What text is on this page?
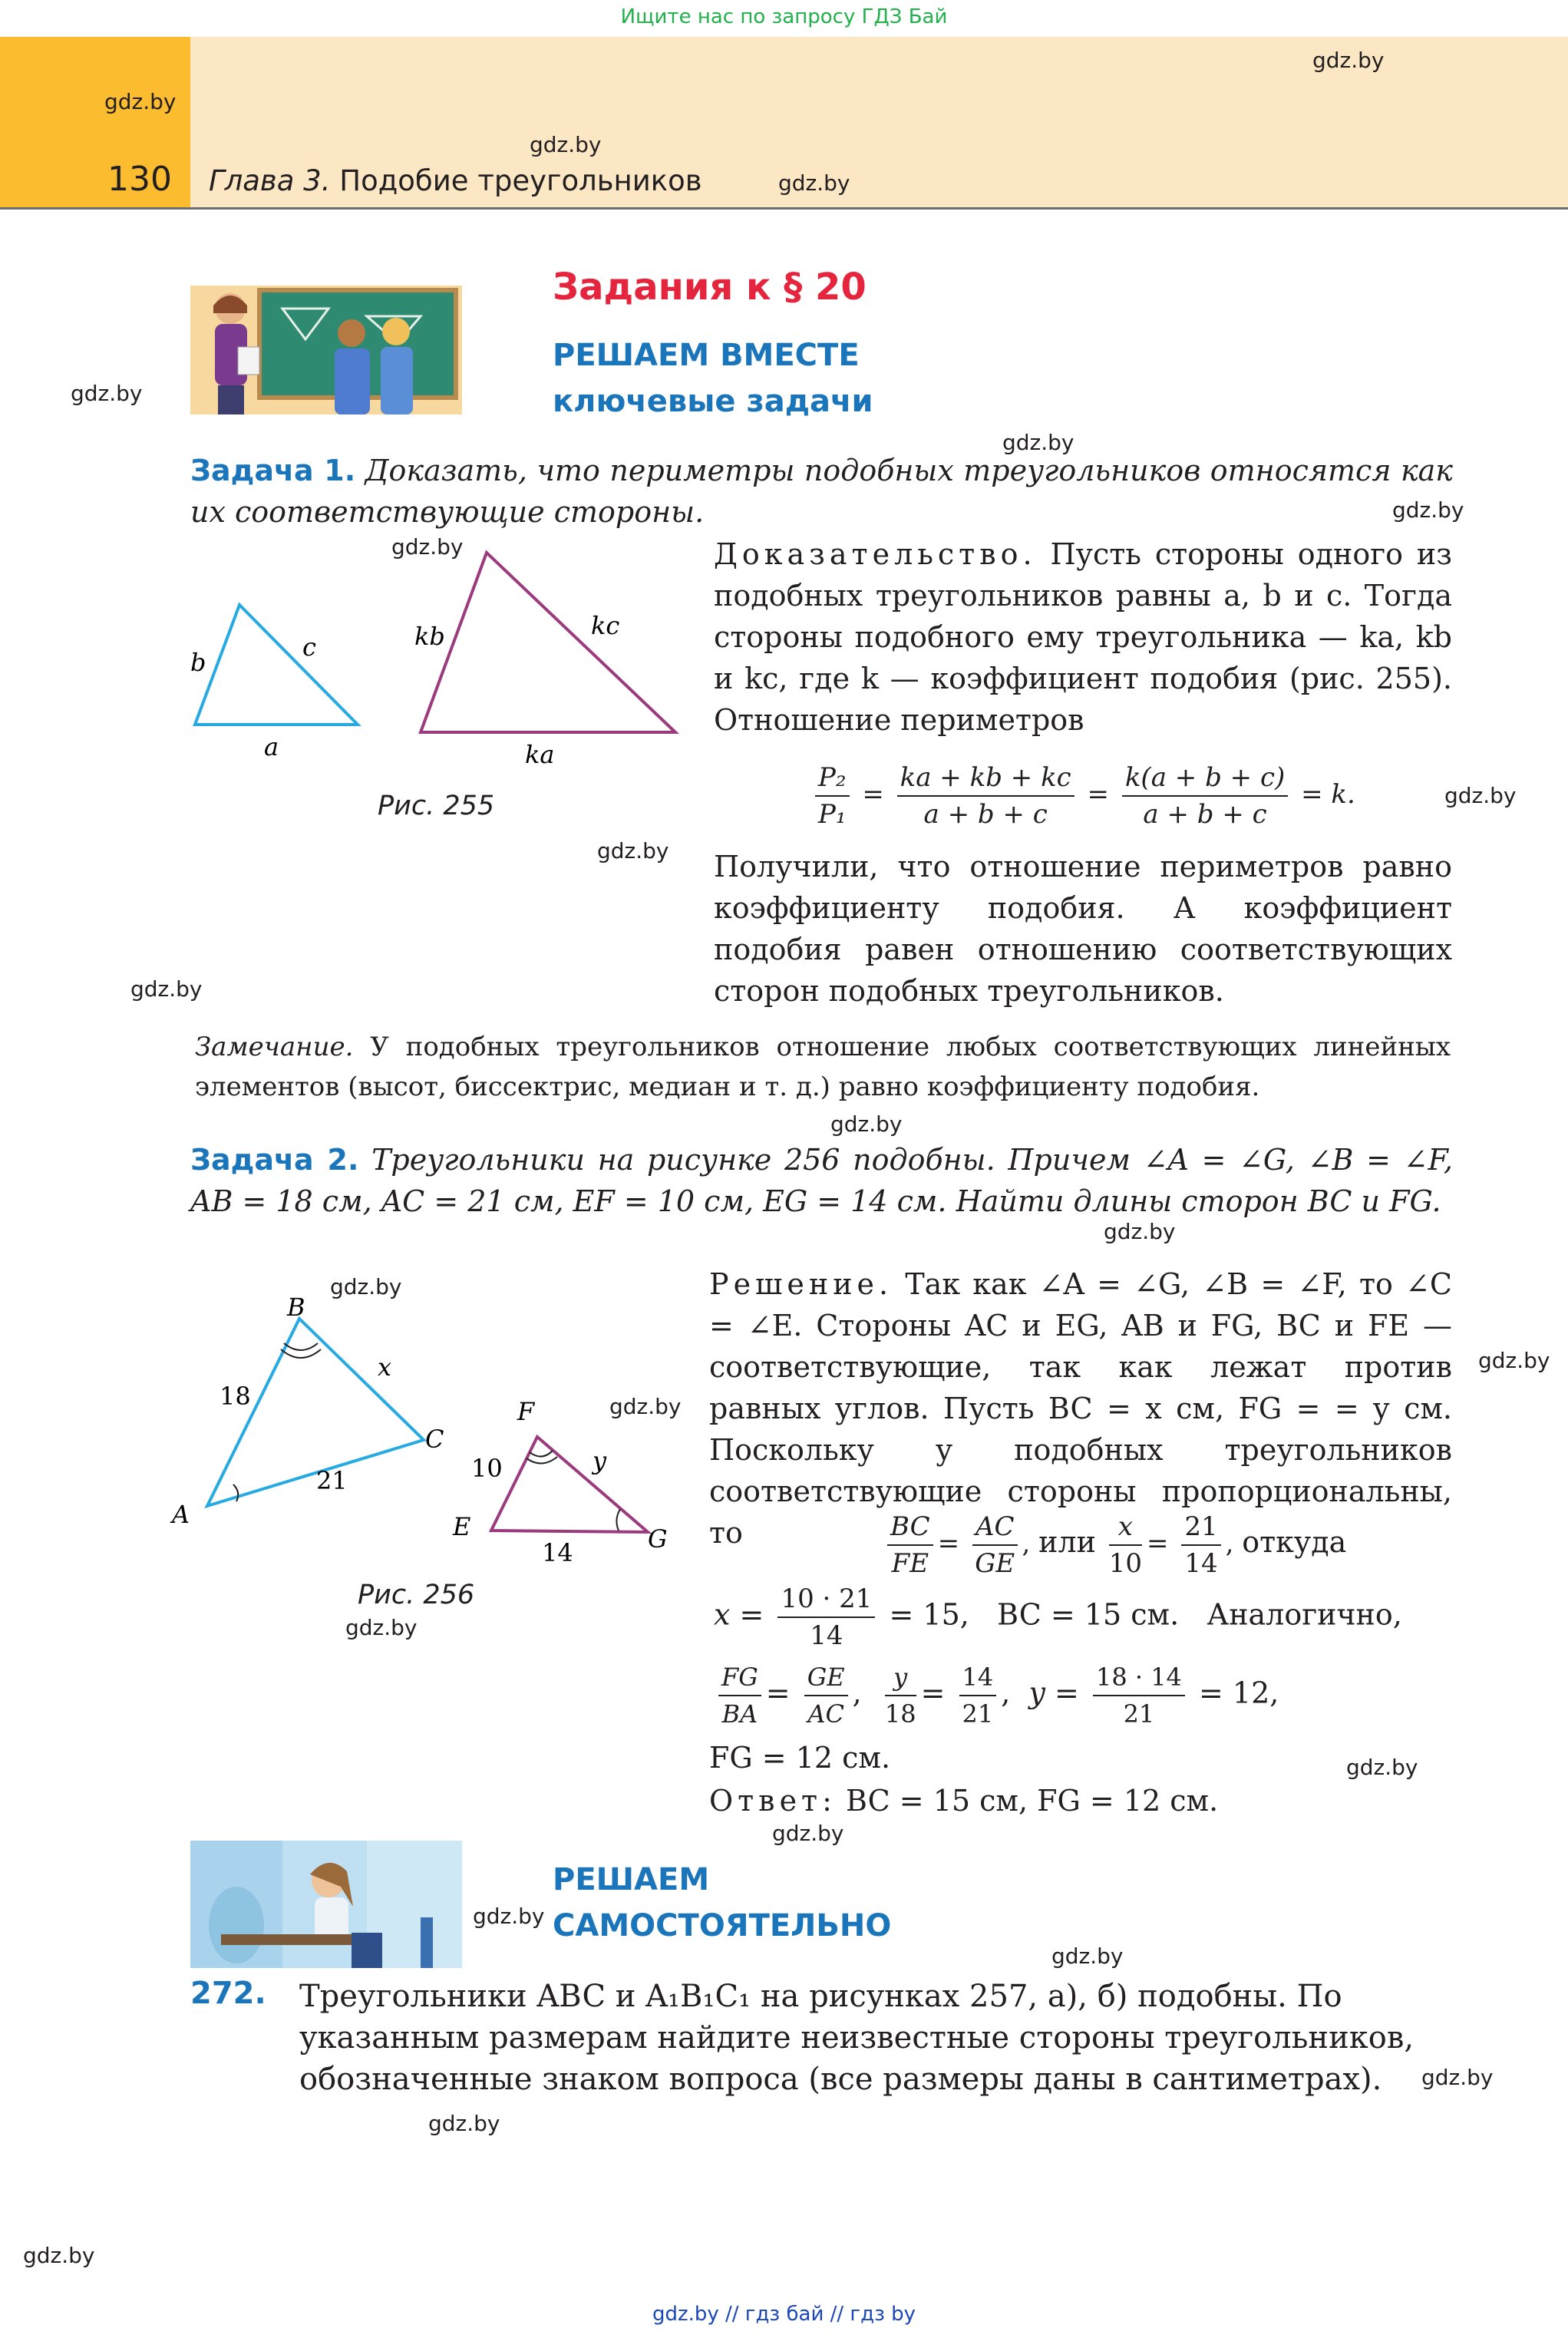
Ищите нас по запросу ГДЗ Бай
130 Глава 3. Подобие треугольников
Задания к § 20
РЕШАЕМ ВМЕСТЕ
ключевые задачи
Задача 1. Доказать, что периметры подобных треугольников относятся как их соответствующие стороны.
b
c
a
kb	kc
ka
Рис. 255
Доказательство. Пусть стороны одного из подобных треугольников равны a, b и c. Тогда стороны подобного ему треугольника — ka, kb и kc, где k — коэффициент подобия (рис. 255). Отношение периметров
$\frac{\text{P₂}}{\text{P₁}} = \frac{ka + kb + kc}{a + b + c} = \frac{k(a + b + c)}{a + b + c} = k$.
Получили, что отношение периметров равно коэффициенту подобия. А коэффициент подобия равен отношению соответствующих сторон подобных треугольников.
Замечание. У подобных треугольников отношение любых соответствующих линейных элементов (высот, биссектрис, медиан и т. д.) равно коэффициенту подобия.
Задача 2. Треугольники на рисунке 256 подобны. Причем ∠A = ∠G, ∠B = ∠F, AB = 18 см, AC = 21 см, EF = 10 см, EG = 14 см. Найти длины сторон BC и FG.
B
x
18
C
A
21
F
y
10
E	G
14
Рис. 256
Решение. Так как ∠A = ∠G, ∠B = ∠F, то ∠C = ∠E. Стороны AC и EG, AB и FG, BC и FE — соответствующие, так как лежат против равных углов. Пусть BC = x см, FG = = y см. Поскольку у подобных треугольников соответствующие стороны пропорциональны, то	$\frac{BC}{FE} = \frac{AC}{GE}$ , или $\frac{x}{10} = \frac{21}{14}$ , откуда
$x = \frac{10 \cdot 21}{14} = 15$, BC = 15 см. Аналогично,
$\frac{FG}{BA} = \frac{GE}{AC}$ , $\frac{y}{18} = \frac{14}{21}$ ,  $y = \frac{18 \cdot 14}{21} = 12$,
FG = 12 см.
Ответ: BC = 15 см, FG = 12 см.
РЕШАЕМ
САМОСТОЯТЕЛЬНО
272. Треугольники ABC и A₁B₁C₁ на рисунках 257, а), б) подобны. По указанным размерам найдите неизвестные стороны треугольников, обозначенные знаком вопроса (все размеры даны в сантиметрах).
gdz.by
gdz.by
gdz.by
gdz.by
gdz.by
gdz.by
gdz.by
gdz.by
gdz.by
gdz.by
gdz.by
gdz.by
gdz.by
gdz.by
gdz.by
gdz.by
gdz.by
gdz.by
gdz.by
gdz.by
gdz.by
gdz.by
gdz.by
gdz.by
gdz.by // гдз бай // гдз by
